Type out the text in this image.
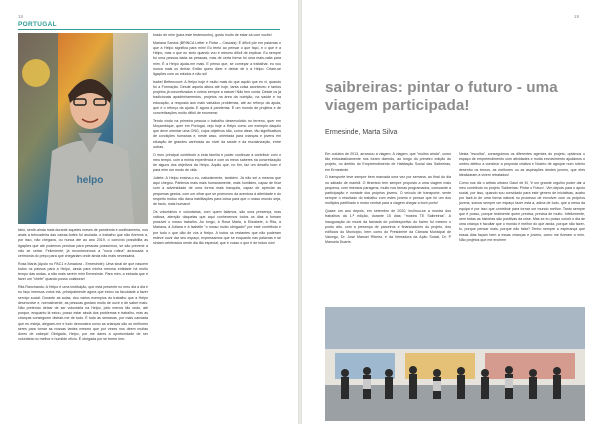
18
PORTUGAL
helpo

brado de mim (para este testemunho), gosto muito de estar cá com vocês!

Mariana Santos (BRINCA Letter e Fintar – Cascais): É difícil pôr em palavras o que a Helpo significa para mim! Eu tento ao pensar o que faço, e o que é a Helpo, mas o que eu sinto quando vou é mesmo difícil de explicar. Eu sempre fui uma pessoa dada às pessoas, mas de certa forma foi uma mais-valia para mim. É a Helpo ajuda-me mais. E penso que, se começar a trabalhar, eu vou nunca mais os deixar. Então quero dizer e deixar de ir à Helpo. Criam-se ligações com os miúdos e não só!

Isabel Bettencourt: A Helpo hoje é muito mais do que aquilo que eu vi, quando fui a Formação. Desde aquela altura até hoje, tanta coisa aconteceu e tantos projetos já concretizados e outros sempre a nascer! Não tem conta. Desde os já tradicionais apadrinhamentos, projetos na área da nutrição, na saúde e na educação, a resposta aos mais variados problemas, até ao reforço da ajuda, que é o reforço da ajuda. E agora à pandemia. É um mundo de projetos e de concretizações muito difícil de enumerar.

Tendo vindo na primeira pessoa o trabalho desenvolvido no terreno, quer em Moçambique, quer em Portugal, vejo hoje a Helpo como um exemplo daquilo que deve orientar uma ONG, cujos objetivos são, como disse, tão significativos de condições humanas e, neste caso, orientada para crianças e jovens em situação de grandes carências ao nível da saúde e da escolarização, entre outras.

O meu principal contributo a esta família e poder continuar a contribuir com o meu tempo, com a minha experiência e com os meus saberes na concretização de alguns dos objetivos da Helpo. Aquilo que, no fim, faz um desafio bom é para mim um modo de vida.

Juliete: A Helpo ensina-o eu, naturalmente, também. Já não sei a mesma que aqui chegou. Partimos mais mais humanamente, mais humildes, capaz de ficar com a adversidade de uma forma mais tranquila, capaz de apreciar as pequenas gestos, com um olhar que se promoveu da aventura à alteridade e do respeito mútuo não dava habilitações para coisa para que o nosso mundo seja, de facto, mais humano!

Os voluntários e voluntárias, com quem falámos, são uma presença, mas valiosa, atenção daquelas que aqui conhecemos todos os dias a fomam possível o nosso trabalho. Ao longo, à Rosa Maria, à Elizabete, à Rita, à Mariana, à Juliana e à Isabelle "o nosso muito obrigado!" por este contributo e por tudo o que dão de vós à Helpo. A todos os restantes que não puderam esteve ouvir dar seu espaço, expressamos que se enquanto nas palavras e se sintam celebrados neste dia tão especial, que é vosso o que é de todos nós!

tário, sentir-ainda mais durante aqueles meses de pandemia e confinamento, nos anais a brincadeira das caixas-fortes foi anulada. o trabalho que não fizemos a, por isso, não chegava, ou nunca ate ao ano 2019, o convívio possibilita as ligações que até podemos precisar para pessoas possuímos, se são prevenir a não se certar. Felizmente, já reconhecemos a "nova rotina" arrancada a cerimónia do preço para que chegariam onde ainda não mais necessária.

Rosa Maria (Apoio no PAC1 e Amadora - Ermesinde): Uma sinal de que nascem todos os passos para a Helpo, ainda para minha mesma entidade há muito tempo das ondas, a não mais serem mim Ermesinde. Para mim, a estrada que é fazer um "chefe" quando posso colaborar!

Rita Ranchando: A Helpo é uma instituição, que está presente no meu dia a dia e eu faço imensos votos eia, principalmente agora que estou na faculdade a fazer serviço social. Durante as aulas, dou vários exemplos do trabalho que a Helpo desenvolve e, normalmente, as pessoas gostam muito de ouvir e de saber mais. Não pretendo deixar de ser voluntária na Helpo, pelo menos tão cedo, até porque, enquanto lá estou, posso estar ainda dos problemas e trabalho, mas as crianças conseguem distrair-me de tudo. É tudo as semanas, por mais cansada que eu esteja, alegram-me e tudo demonstra como as crianças são os melhores seres para tornar as nossas tardes mesmo que por vezes nos deem muitas dores de cabeça! Obrigada, Helpo, por me dares a oportunidade de ser voluntária no melhor e humilde ofício. É obrigada por se terem lem-

19
saibreiras: pintar o futuro - uma viagem participada!
Ermesinde, Marta Silva

Em outubro de 2013, arrancou a viagem. A viagem, que "muitos ainda", como tão entusiasticamente nos foram dizendo, ao longo do primeiro edição do projeto, no âmbito do Empreendimento de Habitação Social das Saibreiras, em Ermesinde.

O transporte teve sempre bem marcada uma vez por semana, ao final do dia no sábado de manhã. O itinerário tem sempre proposto a uma viagem mais pequena, com imensos paragens, muito nos temas programados, consoante a participação e vontade dos próprios jovens. O veículo de transporte, sente sempre o resultado do trabalho com estes jovens e pensar que foi um dos múltiplos partilhado e motor central para a viagem chegar a bom porto!

Quase um ano depois, em setembro de 2020, inclinou-se a mostra dos trabalhos da 1.ª edição, durante 15 dias: "mostra TE Saibreiras". A inauguração do mural da fachada do polidesportivo do bairro foi mesmo o ponto alto, com a presença de parceiros e financiadores do projeto, dos edifícios do Município, bem como do Presidente da Câmara Municipal de Valongo, Dr. José Manuel Ribeiro, e da Vereadora da Ação Social, Dr. P Manuela Duarte.

Nesta "escolha", conseguimos os diferentes agentes do projeto, optámos o espaço de empreendimento com atividades e muita envolvimento ajudámos o ombro afetivo a construir a proposta criativa e Núcleo de agrupar num roteiro desenho os temos, as melhores ou as aspirações destes jovens, que eles idealizaram a vivem retratados!

Como nos diz o artista urbano Gauri de M, "é um grande orgulho poder dar a meu contributo no projeto 'Saibreiras: Pintar o Futuro'. Vim depois para o apoio social, por isso, quando sou convidado para este género de iniciativas, acabo por fazê-lo de uma forma natural no processo de envolver com os próprios jovens, somos sempre um espaço fazer esta a, adma de tudo, que a mesa da equipa é por isso que contribuir para tornar um mundo melhor. Tanto sempre que é posso, porque realmente quem precisa, precisa de muito. Infelizmente, nem todas as histórias são positivas da crise. Mas se eu posso colorir o dia de uma criança e facultar que o mundo é melhor do que ainda, porque não fazer-lo, porque pensar mais, porque não falar? Tenho sempre a esperança que essas dias façam bem a essas crianças e jovens, como me fizeram a mim. Não projetos que me enchem
